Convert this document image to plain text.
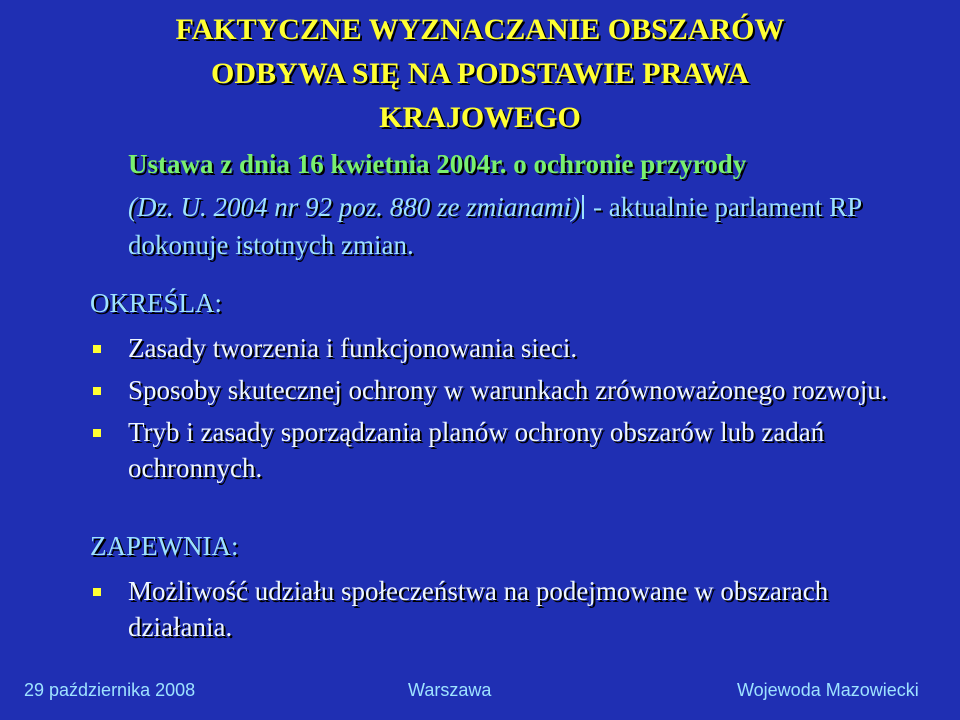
FAKTYCZNE WYZNACZANIE OBSZARÓW
ODBYWA SIĘ NA PODSTAWIE PRAWA
KRAJOWEGO
Ustawa z dnia 16 kwietnia 2004r. o ochronie przyrody
(Dz. U. 2004 nr 92 poz. 880 ze zmianami) - aktualnie parlament RP dokonuje istotnych zmian.
OKREŚLA:
Zasady tworzenia i funkcjonowania sieci.
Sposoby skutecznej ochrony w warunkach zrównoważonego rozwoju.
Tryb i zasady sporządzania planów ochrony obszarów lub zadań ochronnych.
ZAPEWNIA:
Możliwość udziału społeczeństwa na podejmowane w obszarach działania.
29 października 2008	Warszawa	Wojewoda Mazowiecki
